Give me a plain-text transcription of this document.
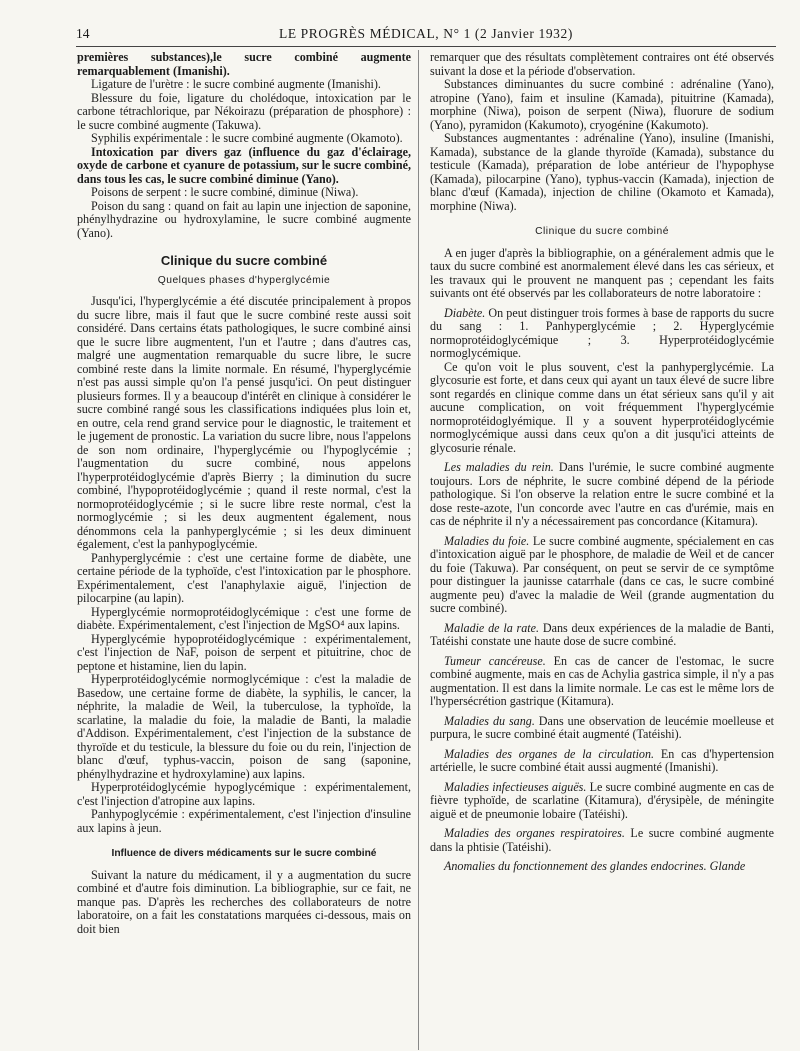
14	LE PROGRÈS MÉDICAL, N° 1 (2 Janvier 1932)

premières substances),le sucre combiné augmente remarquablement (Imanishi).

Ligature de l'urètre : le sucre combiné augmente (Imanishi).

Blessure du foie, ligature du cholédoque, intoxication par le carbone tétrachlorique, par Nékoirazu (préparation de phosphore) : le sucre combiné augmente (Takuwa).

Syphilis expérimentale : le sucre combiné augmente (Okamoto).

Intoxication par divers gaz (influence du gaz d'éclairage, oxyde de carbone et cyanure de potassium, sur le sucre combiné, dans tous les cas, le sucre combiné diminue (Yano).

Poisons de serpent : le sucre combiné, diminue (Niwa).

Poison du sang : quand on fait au lapin une injection de saponine, phénylhydrazine ou hydroxylamine, le sucre combiné augmente (Yano).

Clinique du sucre combiné
Quelques phases d'hyperglycémie

Jusqu'ici, l'hyperglycémie a été discutée principalement à propos du sucre libre, mais il faut que le sucre combiné reste aussi soit considéré. Dans certains états pathologiques, le sucre combiné ainsi que le sucre libre augmentent, l'un et l'autre ; dans d'autres cas, malgré une augmentation remarquable du sucre libre, le sucre combiné reste dans la limite normale. En résumé, l'hyperglycémie n'est pas aussi simple qu'on l'a pensé jusqu'ici. On peut distinguer plusieurs formes. Il y a beaucoup d'intérêt en clinique à considérer le sucre combiné rangé sous les classifications indiquées plus loin et, en outre, cela rend grand service pour le diagnostic, le traitement et le jugement de pronostic. La variation du sucre libre, nous l'appelons de son nom ordinaire, l'hyperglycémie ou l'hypoglycémie ; l'augmentation du sucre combiné, nous appelons l'hyperprotéidoglycémie d'après Bierry ; la diminution du sucre combiné, l'hypoprotéidoglycémie ; quand il reste normal, c'est la normoprotéidoglycémie ; si le sucre libre reste normal, c'est la normoglycémie ; si les deux augmentent également, nous dénommons cela la panhyperglycémie ; si les deux diminuent également, c'est la panhypoglycémie.

Panhyperglycémie : c'est une certaine forme de diabète, une certaine période de la typhoïde, c'est l'intoxication par le phosphore. Expérimentalement, c'est l'anaphylaxie aiguë, l'injection de pilocarpine (au lapin).

Hyperglycémie normoprotéidoglycémique : c'est une forme de diabète. Expérimentalement, c'est l'injection de MgSO⁴ aux lapins.

Hyperglycémie hypoprotéidoglycémique : expérimentalement, c'est l'injection de NaF, poison de serpent et pituitrine, choc de peptone et histamine, lien du lapin.

Hyperprotéidoglycémie normoglycémique : c'est la maladie de Basedow, une certaine forme de diabète, la syphilis, le cancer, la néphrite, la maladie de Weil, la tuberculose, la typhoïde, la scarlatine, la maladie du foie, la maladie de Banti, la maladie d'Addison. Expérimentalement, c'est l'injection de la substance de thyroïde et du testicule, la blessure du foie ou du rein, l'injection de blanc d'œuf, typhus-vaccin, poison de sang (saponine, phénylhydrazine et hydroxylamine) aux lapins.

Hyperprotéidoglycémie hypoglycémique : expérimentalement, c'est l'injection d'atropine aux lapins.

Panhypoglycémie : expérimentalement, c'est l'injection d'insuline aux lapins à jeun.

Influence de divers médicaments sur le sucre combiné

Suivant la nature du médicament, il y a augmentation du sucre combiné et d'autre fois diminution. La bibliographie, sur ce fait, ne manque pas. D'après les recherches des collaborateurs de notre laboratoire, on a fait les constatations marquées ci-dessous, mais on doit bien

remarquer que des résultats complètement contraires ont été observés suivant la dose et la période d'observation.

Substances diminuantes du sucre combiné : adrénaline (Yano), atropine (Yano), faim et insuline (Kamada), pituitrine (Kamada), morphine (Niwa), poison de serpent (Niwa), fluorure de sodium (Yano), pyramidon (Kakumoto), cryogénine (Kakumoto).

Substances augmentantes : adrénaline (Yano), insuline (Imanishi, Kamada), substance de la glande thyroïde (Kamada), substance du testicule (Kamada), préparation de lobe antérieur de l'hypophyse (Kamada), pilocarpine (Yano), typhus-vaccin (Kamada), injection de blanc d'œuf (Kamada), injection de chiline (Okamoto et Kamada), morphine (Niwa).

Clinique du sucre combiné

A en juger d'après la bibliographie, on a généralement admis que le taux du sucre combiné est anormalement élevé dans les cas sérieux, et les travaux qui le prouvent ne manquent pas ; cependant les faits suivants ont été observés par les collaborateurs de notre laboratoire :

Diabète. On peut distinguer trois formes à base de rapports du sucre du sang : 1. Panhyperglycémie ; 2. Hyperglycémie normoprotéidoglycémique ; 3. Hyperprotéidoglycémie normoglycémique.

Ce qu'on voit le plus souvent, c'est la panhyperglycémie. La glycosurie est forte, et dans ceux qui ayant un taux élevé de sucre libre sont regardés en clinique comme dans un état sérieux sans qu'il y ait aucune complication, on voit fréquemment l'hyperglycémie normoprotéidoglyémique. Il y a souvent hyperprotéidoglycémie normoglycémique aussi dans ceux qu'on a dit jusqu'ici atteints de glycosurie rénale.

Les maladies du rein. Dans l'urémie, le sucre combiné augmente toujours. Lors de néphrite, le sucre combiné dépend de la période pathologique. Si l'on observe la relation entre le sucre combiné et la dose reste-azote, l'un concorde avec l'autre en cas d'urémie, mais en cas de néphrite il n'y a nécessairement pas concordance (Kitamura).

Maladies du foie. Le sucre combiné augmente, spécialement en cas d'intoxication aiguë par le phosphore, de maladie de Weil et de cancer du foie (Takuwa). Par conséquent, on peut se servir de ce symptôme pour distinguer la jaunisse catarrhale (dans ce cas, le sucre combiné augmente peu) d'avec la maladie de Weil (grande augmentation du sucre combiné).

Maladie de la rate. Dans deux expériences de la maladie de Banti, Tatéishi constate une haute dose de sucre combiné.

Tumeur cancéreuse. En cas de cancer de l'estomac, le sucre combiné augmente, mais en cas de Achylia gastrica simple, il n'y a pas augmentation. Il est dans la limite normale. Le cas est le même lors de l'hypersécrétion gastrique (Kitamura).

Maladies du sang. Dans une observation de leucémie moelleuse et purpura, le sucre combiné était augmenté (Tatéishi).

Maladies des organes de la circulation. En cas d'hypertension artérielle, le sucre combiné était aussi augmenté (Imanishi).

Maladies infectieuses aiguës. Le sucre combiné augmente en cas de fièvre typhoïde, de scarlatine (Kitamura), d'érysipèle, de méningite aiguë et de pneumonie lobaire (Tatéishi).

Maladies des organes respiratoires. Le sucre combiné augmente dans la phtisie (Tatéishi).

Anomalies du fonctionnement des glandes endocrines. Glande
